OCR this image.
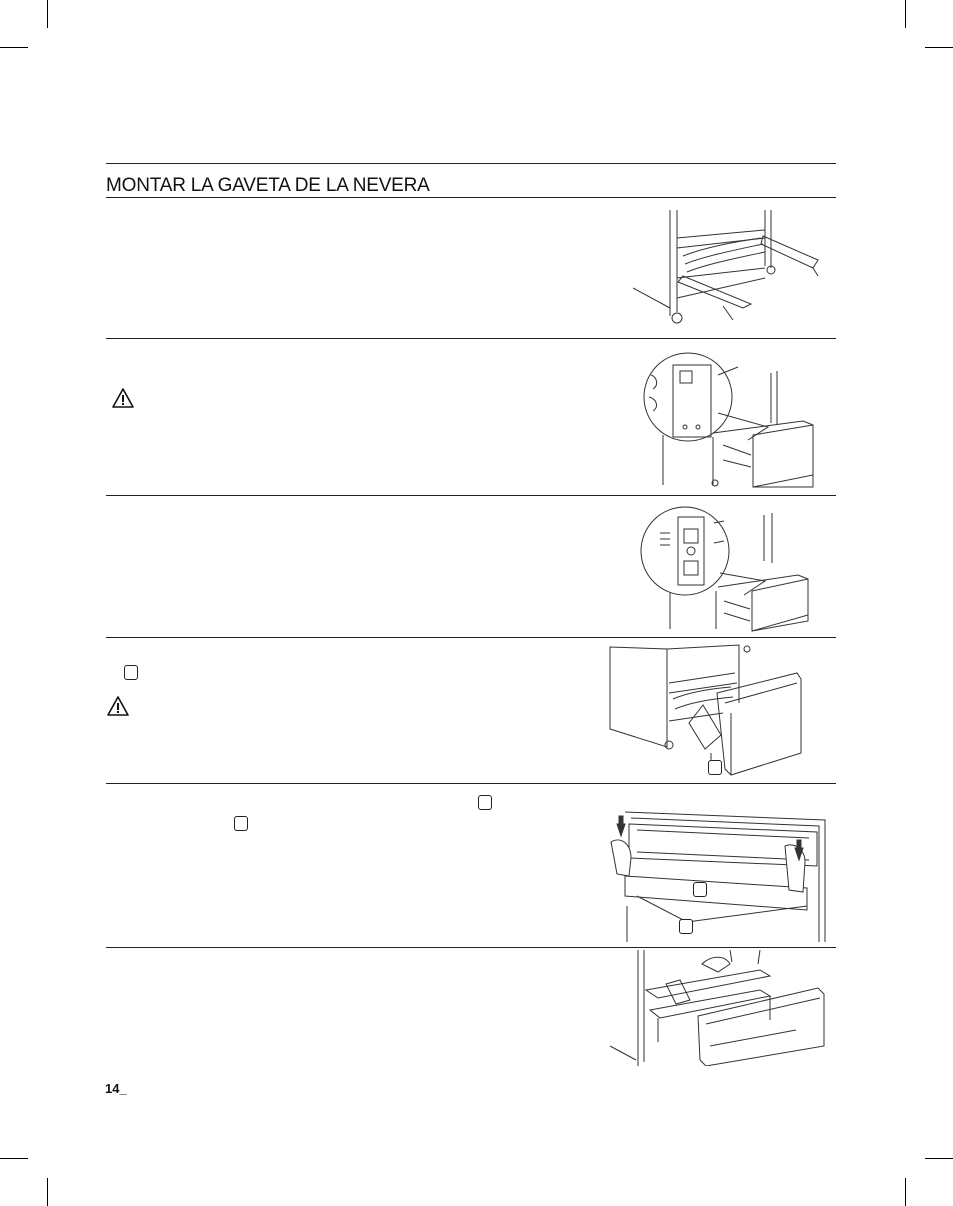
MONTAR LA GAVETA DE LA NEVERA
14_
